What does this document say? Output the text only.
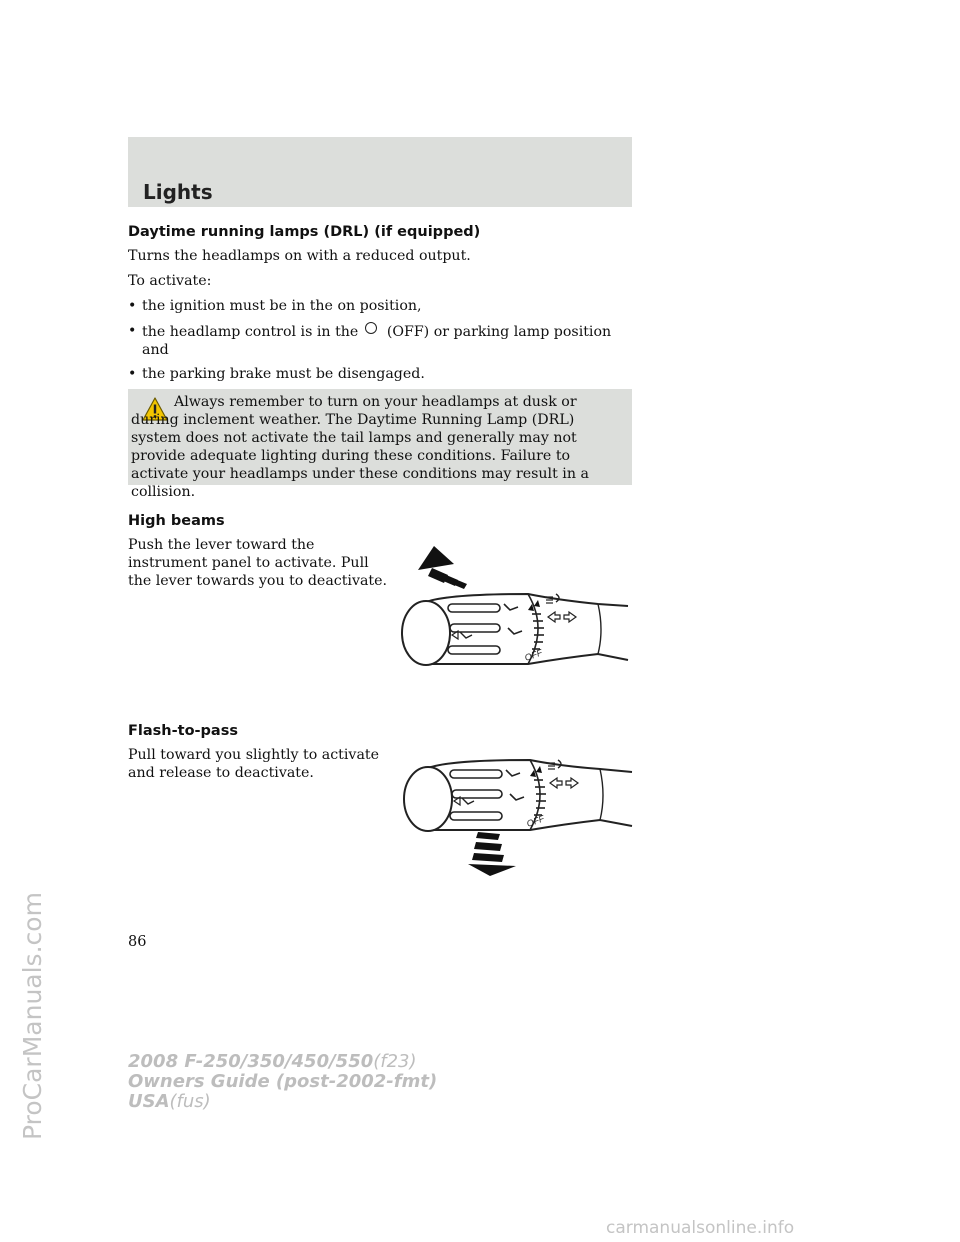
Lights
Daytime running lamps (DRL) (if equipped)
Turns the headlamps on with a reduced output.
To activate:
• the ignition must be in the on position,
• the headlamp control is in the (OFF) or parking lamp position
and
• the parking brake must be disengaged.
Always remember to turn on your headlamps at dusk or during inclement weather. The Daytime Running Lamp (DRL) system does not activate the tail lamps and generally may not provide adequate lighting during these conditions. Failure to activate your headlamps under these conditions may result in a collision.
High beams
Push the lever toward the
instrument panel to activate. Pull
the lever towards you to deactivate.
OFF
Flash-to-pass
Pull toward you slightly to activate
and release to deactivate.
OFF
86
2008 F-250/350/450/550(f23)
Owners Guide (post-2002-fmt)
USA(fus)
ProCarManuals.com
carmanualsonline.info
